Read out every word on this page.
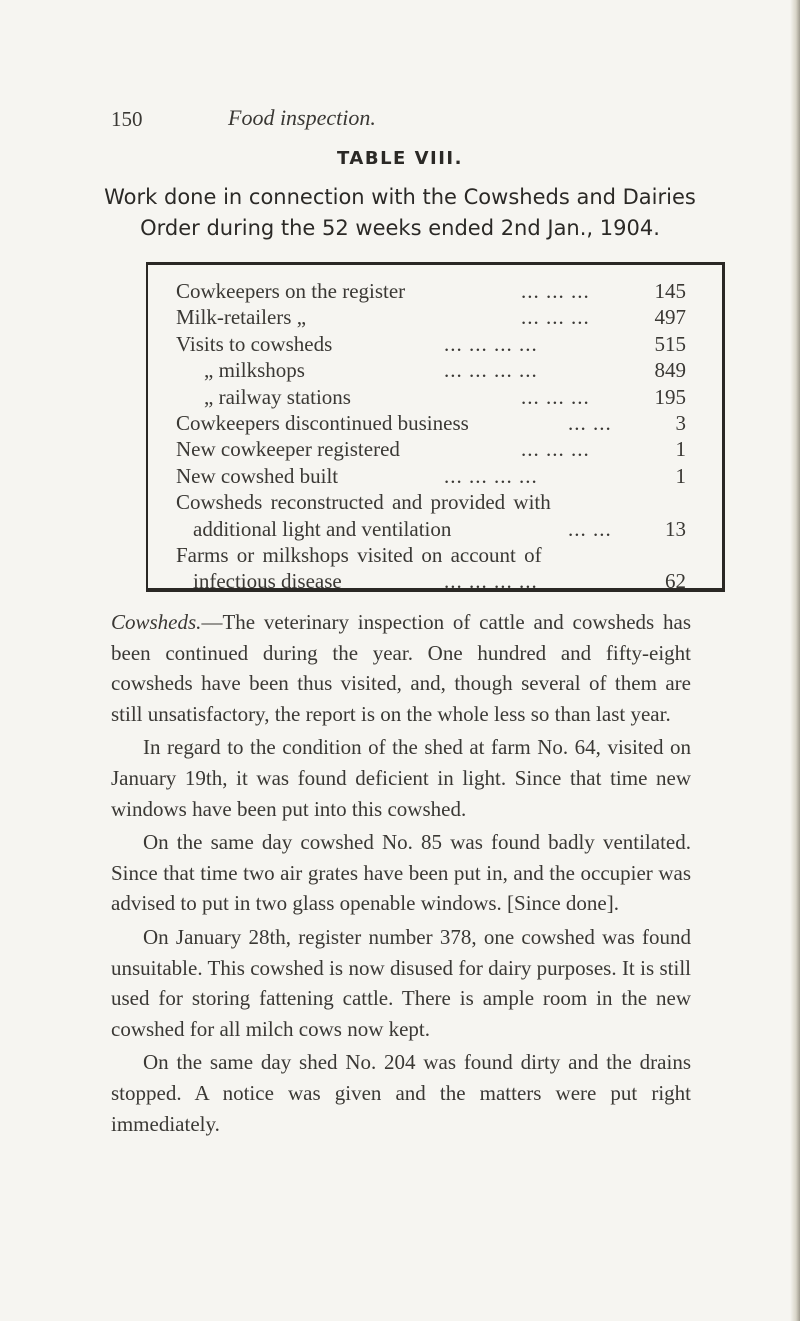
150	Food inspection.
TABLE VIII.
Work done in connection with the Cowsheds and Dairies
Order during the 52 weeks ended 2nd Jan., 1904.
Cowkeepers on the register	... ... ...	145
Milk-retailers „	... ... ...	497
Visits to cowsheds	... ... ... ...	515
„ milkshops	... ... ... ...	849
„ railway stations	... ... ...	195
Cowkeepers discontinued business	... ...	3
New cowkeeper registered	... ... ...	1
New cowshed built	... ... ... ...	1
Cowsheds reconstructed and provided with
additional light and ventilation	... ...	13
Farms or milkshops visited on account of
infectious disease	... ... ... ...	62

Cowsheds.—The veterinary inspection of cattle and cowsheds has been continued during the year. One hundred and fifty-eight cowsheds have been thus visited, and, though several of them are still unsatisfactory, the report is on the whole less so than last year.

In regard to the condition of the shed at farm No. 64, visited on January 19th, it was found deficient in light. Since that time new windows have been put into this cowshed.

On the same day cowshed No. 85 was found badly ventilated. Since that time two air grates have been put in, and the occupier was advised to put in two glass openable windows. [Since done].

On January 28th, register number 378, one cowshed was found unsuitable. This cowshed is now disused for dairy purposes. It is still used for storing fattening cattle. There is ample room in the new cowshed for all milch cows now kept.

On the same day shed No. 204 was found dirty and the drains stopped. A notice was given and the matters were put right immediately.
